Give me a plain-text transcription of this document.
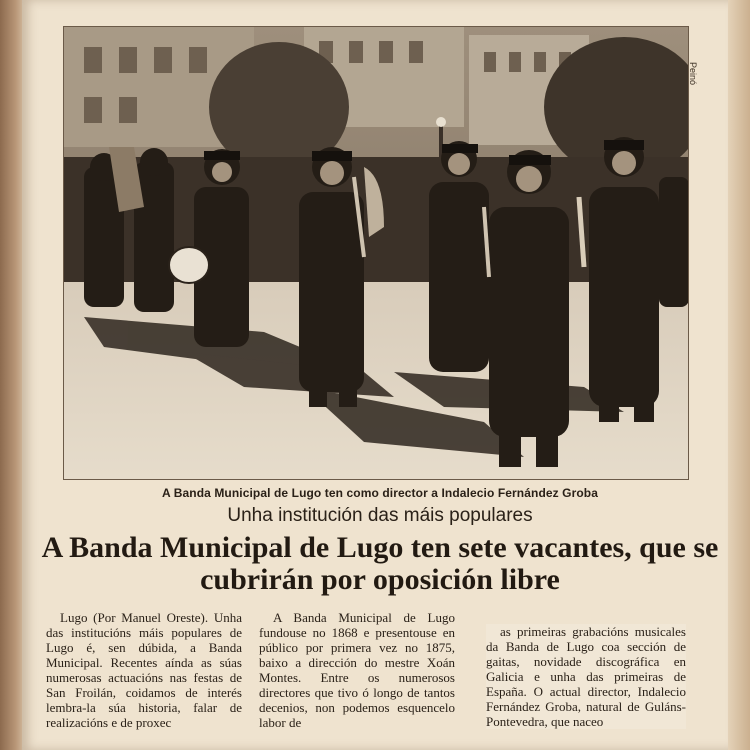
Peinó
A Banda Municipal de Lugo ten como director a Indalecio Fernández Groba
Unha institución das máis populares
A Banda Municipal de Lugo ten sete vacantes, que se cubrirán por oposición libre

Lugo (Por Manuel Oreste). Unha das institucións máis populares de Lugo é, sen dúbida, a Banda Municipal. Recentes aínda as súas numerosas actuacións nas festas de San Froilán, coidamos de interés lembra-la súa historia, falar de realizacións e de proxec

A Banda Municipal de Lugo fundouse no 1868 e presentouse en público por primera vez no 1875, baixo a dirección do mestre Xoán Montes. Entre os numerosos directores que tivo ó longo de tantos decenios, non podemos esquencelo labor de

as primeiras grabacións musicales da Banda de Lugo coa sección de gaitas, novidade discográfica en Galicia e unha das primeiras de España. O actual director, Indalecio Fernández Groba, natural de Guláns-Pontevedra, que naceo
